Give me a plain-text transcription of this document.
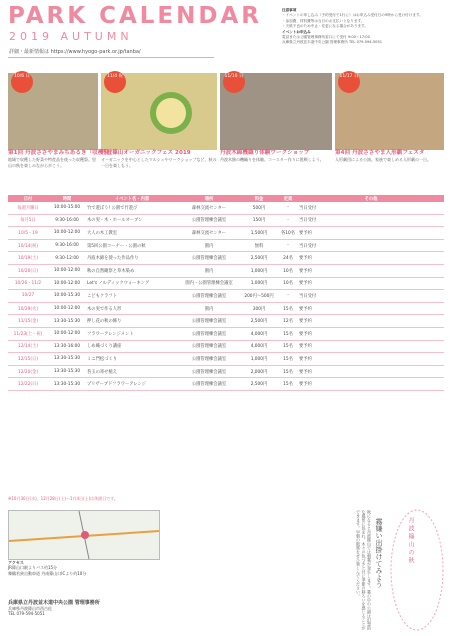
PARK CALENDAR
2019 AUTUMN
詳細・最新情報は https://www.hyogo-park.or.jp/tanba/
注意事項
・イベントの申し込み（予約受付で1行に）はお申込み受付日の9時から受け付けます。
・参加費、材料費等は当日のお支払いとなります。
・天候不良のため中止・変更になる場合があります。
イベントお申込み
電話または公園管理事務所窓口にて受付 9:00～17:00
兵庫県立丹波並木道中央公園 管理事務所 TEL 079-594-5051
10/6 日	11/4 祝	11/10 日	11/17 日
第1回 丹波ささやまみちあるき「収穫祭」
地域で収穫した野菜や特産品を使った収穫祭。里山の秋を楽しみながら歩こう。
丹波篠山オーガニックフェス 2019
オーガニックを中心としたマルシェやワークショップなど、秋の一日を楽しもう。
丹波木綿機織り体験ワークショップ
丹波木綿の機織りを体験。コースター作りに挑戦しよう。
第4回 丹波ささやま人形劇フェスタ
人形劇団による公演。家族で楽しめる人形劇の一日。
日付	時間	イベント名・内容	場所	料金	定員	その他
毎週月曜日	10:00-15:00	竹で遊ぼう! 公園で竹遊び	森林交流センター	500円	-	当日受付
毎月5日	9:30-16:00	木の実・木・ホールオーブン	公園管理棟会議室	150円	-	当日受付
10/5・19	10:00-12:00	大人の木工教室	森林交流センター	1,500円	各10名	要予約
10/14(祝)	9:30-16:00	第5回公園コーナー・公園の秋	園内	無料	-	当日受付
10/19(土)	9:30-12:00	丹波木綿を使った作品作り	公園管理棟会議室	2,500円	24名	要予約
10/20(日)	10:00-12:00	秋の自然観察と草木染め	園内	1,000円	10名	要予約
10/26・11/2	10:00-12:00	Let's ノルディックウォーキング	園内・公園管理棟会議室	1,000円	10名	要予約
10/27	10:00-15:30	こどもクラフト	公園管理棟会議室	200円～500円	-	当日受付
10/29(火)	10:00-12:00	木の実で作る人形	園内	300円	15名	要予約
11/15(金)	13:30-15:30	押し花の秋の飾り	公園管理棟会議室	2,500円	12名	要予約
11/23(土・祝)	10:00-12:00	フラワーアレンジメント	公園管理棟会議室	4,000円	15名	要予約
12/14(土)	13:30-16:00	しめ縄づくり講座	公園管理棟会議室	4,000円	15名	要予約
12/15(日)	13:30-15:30	ミニ門松づくり	公園管理棟会議室	1,000円	15名	要予約
12/20(金)	13:30-15:30	苔玉の寄せ植え	公園管理棟会議室	2,000円	15名	要予約
12/22(日)	13:30-15:30	プリザーブドフラワーアレンジ	公園管理棟会議室	2,500円	15名	要予約
※10月30日(水)、12月28日(土)～1月4日(土)は休園日です。
アクセス
JR篠山口駅よりバス約15分
舞鶴若狭自動車道 丹南篠山口ICより約10分
兵庫県立丹波並木道中央公園 管理事務所
兵庫県丹波篠山市西古佐
TEL 079-594-5051	秋になると丹波篠山では朝霧が発生します。霧の中の公園は幻想的な風景に包まれ、木々の色づきと共に季節の移ろいを感じることができます。早朝の散策をぜひ楽しんでください。	霧嫌い出掛けてみよう	丹波篠山の秋
